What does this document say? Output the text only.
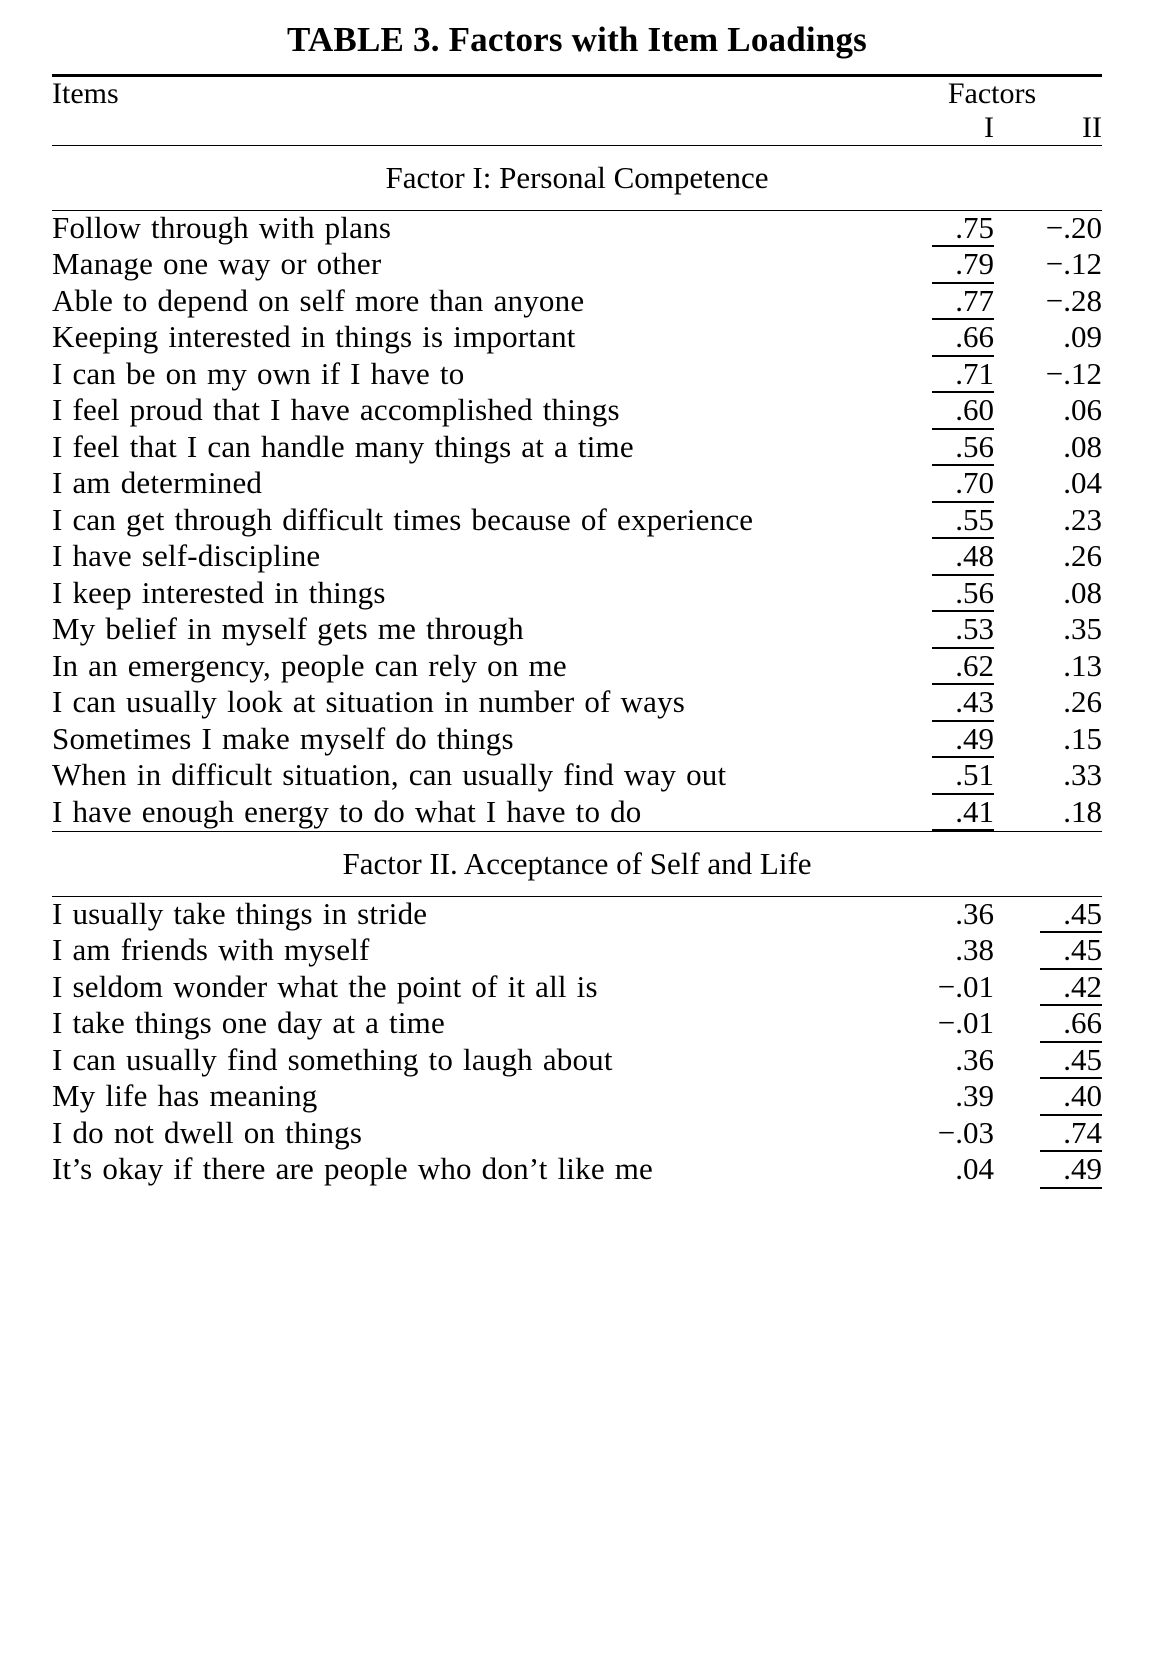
TABLE 3. Factors with Item Loadings
Items	Factors	
	I	II
Factor I: Personal Competence
Follow through with plans	.75	−.20
Manage one way or other	.79	−.12
Able to depend on self more than anyone	.77	−.28
Keeping interested in things is important	.66	.09
I can be on my own if I have to	.71	−.12
I feel proud that I have accomplished things	.60	.06
I feel that I can handle many things at a time	.56	.08
I am determined	.70	.04
I can get through difficult times because of experience	.55	.23
I have self-discipline	.48	.26
I keep interested in things	.56	.08
My belief in myself gets me through	.53	.35
In an emergency, people can rely on me	.62	.13
I can usually look at situation in number of ways	.43	.26
Sometimes I make myself do things	.49	.15
When in difficult situation, can usually find way out	.51	.33
I have enough energy to do what I have to do	.41	.18
Factor II. Acceptance of Self and Life
I usually take things in stride	.36	.45
I am friends with myself	.38	.45
I seldom wonder what the point of it all is	−.01	.42
I take things one day at a time	−.01	.66
I can usually find something to laugh about	.36	.45
My life has meaning	.39	.40
I do not dwell on things	−.03	.74
It’s okay if there are people who don’t like me	.04	.49
